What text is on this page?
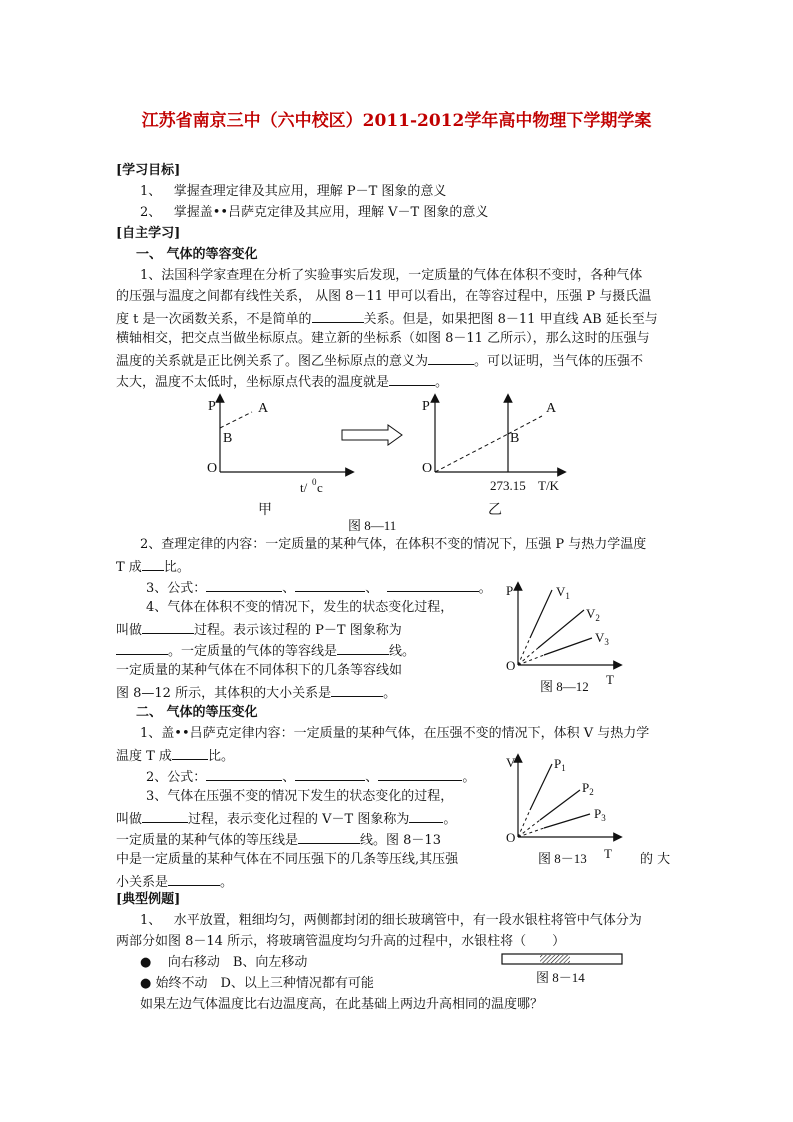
江苏省南京三中（六中校区）2011-2012学年高中物理下学期学案
[学习目标]
1、 掌握查理定律及其应用，理解 P－T 图象的意义
2、 掌握盖••吕萨克定律及其应用，理解 V－T 图象的意义
[自主学习]
一、 气体的等容变化
1、法国科学家查理在分析了实验事实后发现，一定质量的气体在体积不变时，各种气体
的压强与温度之间都有线性关系， 从图 8－11 甲可以看出，在等容过程中，压强 P 与摄氏温
度 t 是一次函数关系，不是简单的	关系。但是，如果把图 8－11 甲直线 AB 延长至与
横轴相交，把交点当做坐标原点。建立新的坐标系（如图 8－11 乙所示），那么这时的压强与
温度的关系就是正比例关系了。图乙坐标原点的意义为	。可以证明，当气体的压强不
太大，温度不太低时，坐标原点代表的温度就是	。
P	A
B
O
t/ 0 c
甲
P	A
B
O
273.15 T/K
乙
图 8—11
2、查理定律的内容：一定质量的某种气体，在体积不变的情况下，压强 P 与热力学温度
T 成 比。
3、公式：	、	、	。
4、气体在体积不变的情况下，发生的状态变化过程，
叫做	过程。表示该过程的 P－T 图象称为
。一定质量的气体的等容线是	线。
一定质量的某种气体在不同体积下的几条等容线如
图 8—12 所示，其体积的大小关系是	。
P
O
T
$V_1$
$V_2$
$V_3$
图 8—12
二、 气体的等压变化
1、盖••吕萨克定律内容：一定质量的某种气体，在压强不变的情况下，体积 V 与热力学
温度 T 成	比。
2、公式：	、	、	。
3、气体在压强不变的情况下发生的状态变化的过程，
叫做	过程，表示变化过程的 V－T 图象称为	。
一定质量的某种气体的等压线是	线。图 8－13
中是一定质量的某种气体在不同压强下的几条等压线,其压强	的 大
小关系是	。
V
O
T
$P_1$
$P_2$
$P_3$
图 8－13
[典型例题]
1、 水平放置，粗细均匀，两侧都封闭的细长玻璃管中，有一段水银柱将管中气体分为
两部分如图 8－14 所示，将玻璃管温度均匀升高的过程中，水银柱将（　　）
● 向右移动　B、向左移动
● 始终不动　D、以上三种情况都有可能
如果左边气体温度比右边温度高，在此基础上两边升高相同的温度哪？
图 8－14
